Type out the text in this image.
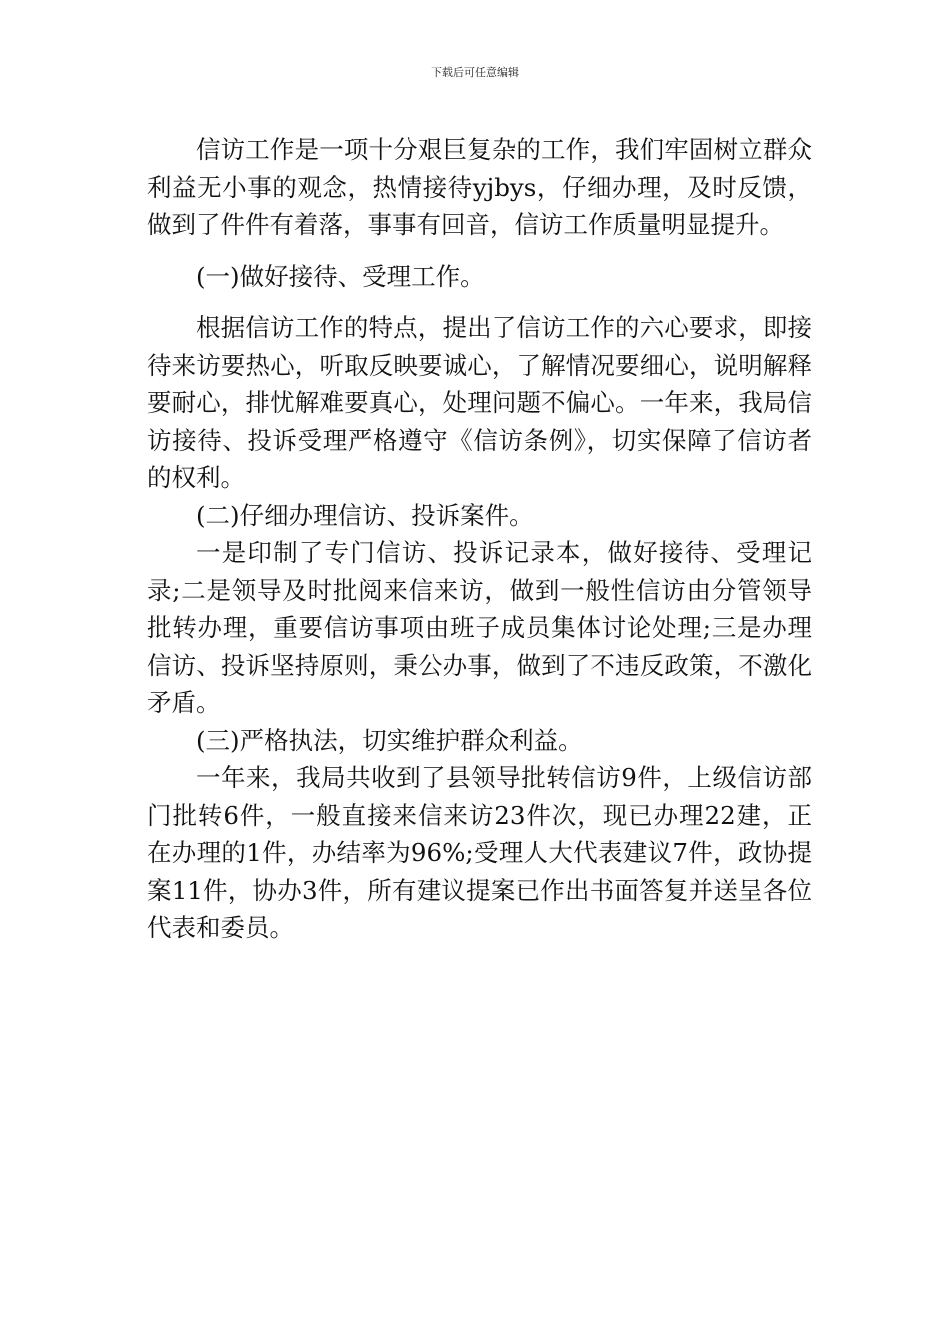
下载后可任意编辑

信访工作是一项十分艰巨复杂的工作，我们牢固树立群众利益无小事的观念，热情接待yjbys，仔细办理，及时反馈，做到了件件有着落，事事有回音，信访工作质量明显提升。

(一)做好接待、受理工作。

根据信访工作的特点，提出了信访工作的六心要求，即接待来访要热心，听取反映要诚心，了解情况要细心，说明解释要耐心，排忧解难要真心，处理问题不偏心。一年来，我局信访接待、投诉受理严格遵守《信访条例》，切实保障了信访者的权利。

(二)仔细办理信访、投诉案件。

一是印制了专门信访、投诉记录本，做好接待、受理记录;二是领导及时批阅来信来访，做到一般性信访由分管领导批转办理，重要信访事项由班子成员集体讨论处理;三是办理信访、投诉坚持原则，秉公办事，做到了不违反政策，不激化矛盾。

(三)严格执法，切实维护群众利益。

一年来，我局共收到了县领导批转信访9件，上级信访部门批转6件，一般直接来信来访23件次，现已办理22建，正在办理的1件，办结率为96%;受理人大代表建议7件，政协提案11件，协办3件，所有建议提案已作出书面答复并送呈各位代表和委员。
